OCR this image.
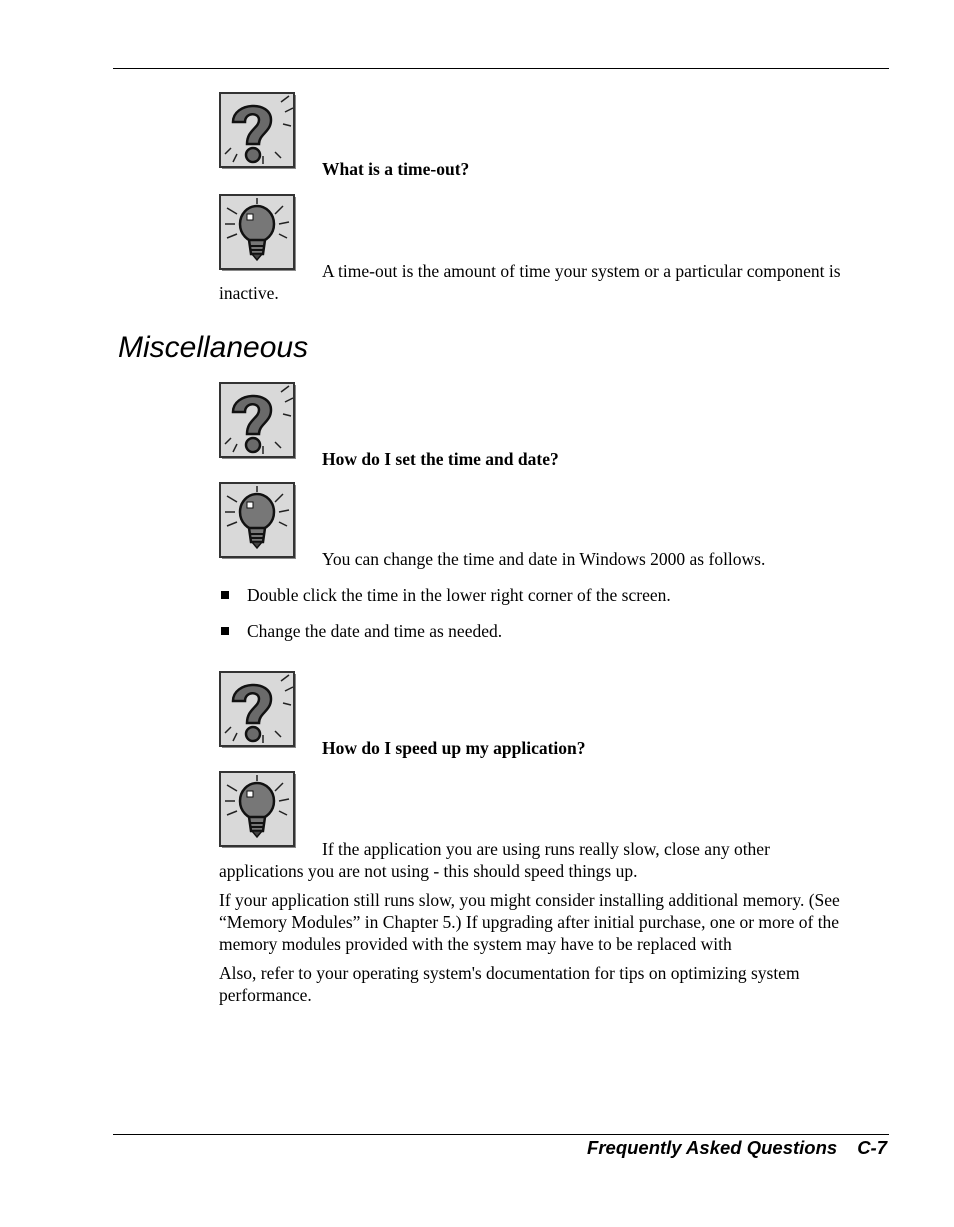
What is a time-out?
A time-out is the amount of time your system or a particular component is
inactive.
Miscellaneous
How do I set the time and date?
You can change the time and date in Windows 2000 as follows.
Double click the time in the lower right corner of the screen.
Change the date and time as needed.
How do I speed up my application?
If the application you are using runs really slow, close any other
applications you are not using - this should speed things up.
If your application still runs slow, you might consider installing additional memory. (See “Memory Modules” in Chapter 5.) If upgrading after initial purchase, one or more of the memory modules provided with the system may have to be replaced with
Also, refer to your operating system's documentation for tips on optimizing system performance.
Frequently Asked Questions C-7
